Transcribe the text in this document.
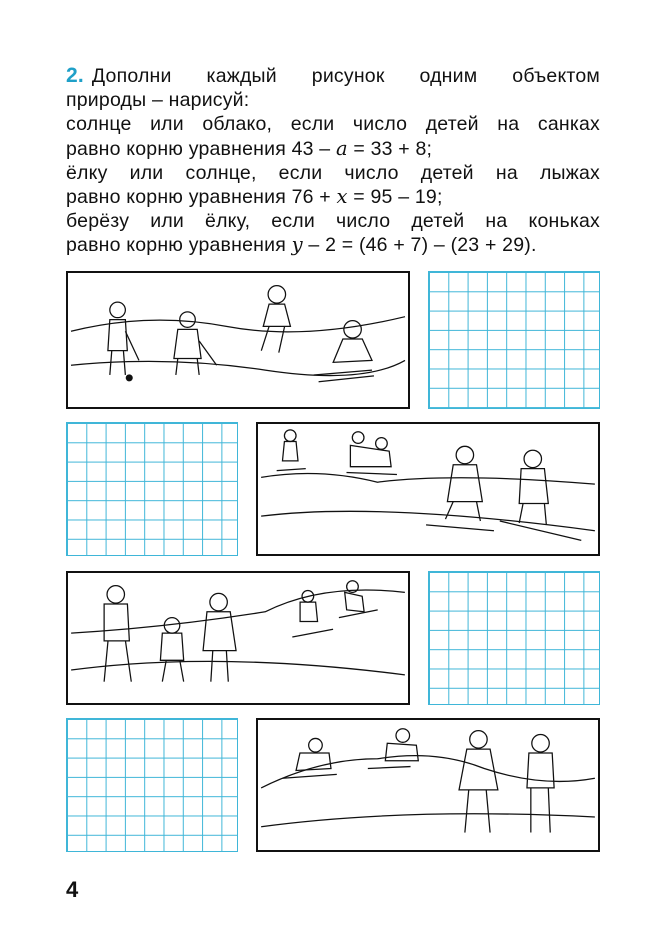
2. Дополни каждый рисунок одним объектом

природы – нарисуй:

солнце или облако, если число детей на санках

равно корню уравнения 43 – a = 33 + 8;

ёлку или солнце, если число детей на лыжах

равно корню уравнения 76 + x = 95 – 19;

берёзу или ёлку, если число детей на коньках

равно корню уравнения y – 2 = (46 + 7) – (23 + 29).

4
